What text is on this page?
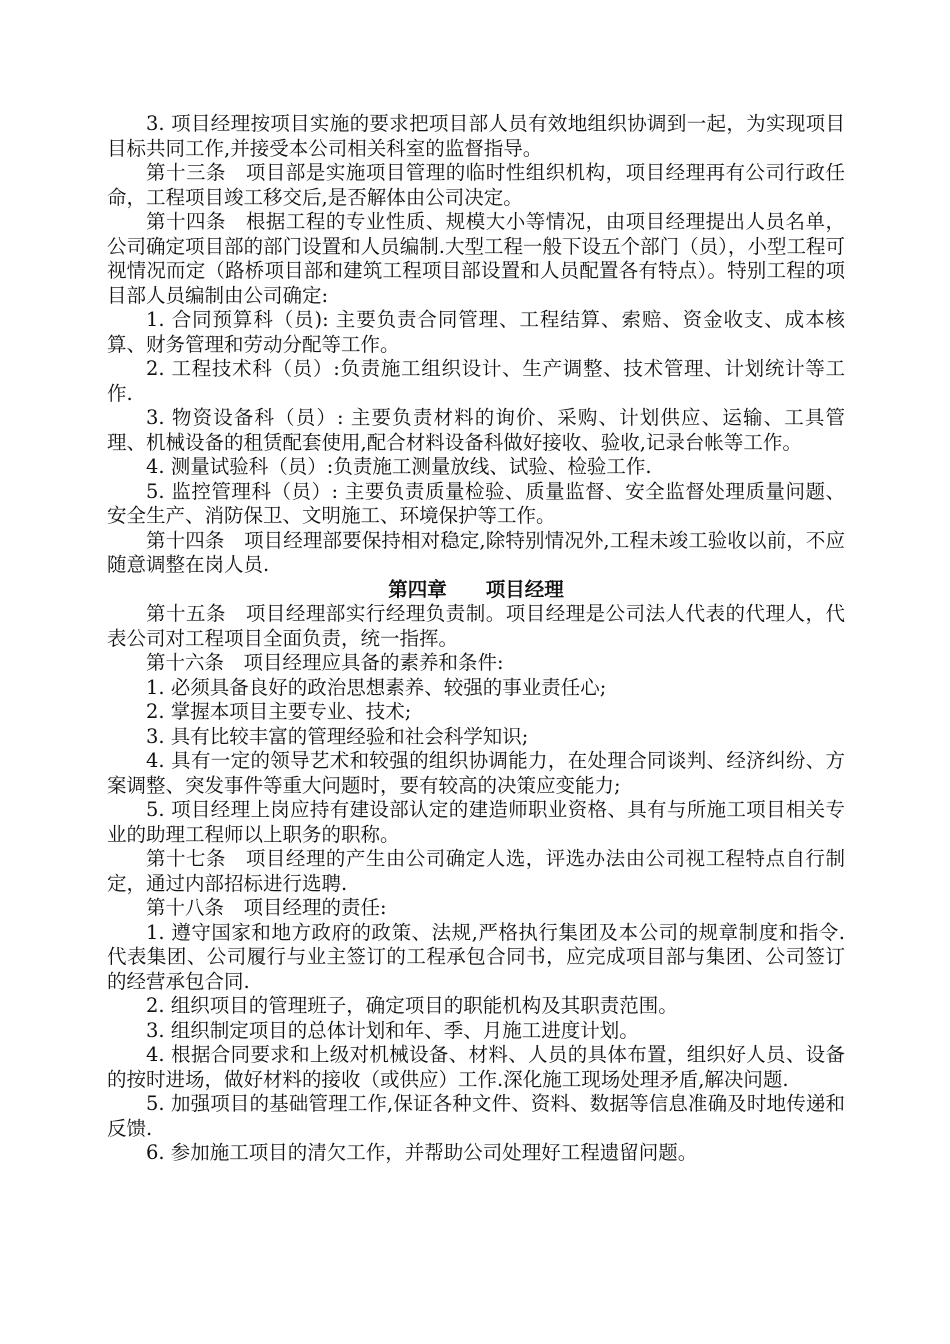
3. 项目经理按项目实施的要求把项目部人员有效地组织协调到一起，为实现项目目标共同工作,并接受本公司相关科室的监督指导。

第十三条　项目部是实施项目管理的临时性组织机构，项目经理再有公司行政任命，工程项目竣工移交后,是否解体由公司决定。

第十四条　根据工程的专业性质、规模大小等情况，由项目经理提出人员名单，公司确定项目部的部门设置和人员编制.大型工程一般下设五个部门（员），小型工程可视情况而定（路桥项目部和建筑工程项目部设置和人员配置各有特点）。特别工程的项目部人员编制由公司确定:

1. 合同预算科（员): 主要负责合同管理、工程结算、索赔、资金收支、成本核算、财务管理和劳动分配等工作。

2. 工程技术科（员）:负责施工组织设计、生产调整、技术管理、计划统计等工作.

3. 物资设备科（员）: 主要负责材料的询价、采购、计划供应、运输、工具管理、机械设备的租赁配套使用,配合材料设备科做好接收、验收,记录台帐等工作。

4. 测量试验科（员）:负责施工测量放线、试验、检验工作.

5. 监控管理科（员）: 主要负责质量检验、质量监督、安全监督处理质量问题、安全生产、消防保卫、文明施工、环境保护等工作。

第十四条　项目经理部要保持相对稳定,除特别情况外,工程未竣工验收以前，不应随意调整在岗人员.

第四章　　项目经理

第十五条　项目经理部实行经理负责制。项目经理是公司法人代表的代理人，代表公司对工程项目全面负责，统一指挥。

第十六条　项目经理应具备的素养和条件:

1. 必须具备良好的政治思想素养、较强的事业责任心;

2. 掌握本项目主要专业、技术;

3. 具有比较丰富的管理经验和社会科学知识;

4. 具有一定的领导艺术和较强的组织协调能力，在处理合同谈判、经济纠纷、方案调整、突发事件等重大问题时，要有较高的决策应变能力;

5. 项目经理上岗应持有建设部认定的建造师职业资格、具有与所施工项目相关专业的助理工程师以上职务的职称。

第十七条　项目经理的产生由公司确定人选，评选办法由公司视工程特点自行制定，通过内部招标进行选聘.

第十八条　项目经理的责任:

1. 遵守国家和地方政府的政策、法规,严格执行集团及本公司的规章制度和指令.代表集团、公司履行与业主签订的工程承包合同书，应完成项目部与集团、公司签订的经营承包合同.

2. 组织项目的管理班子，确定项目的职能机构及其职责范围。

3. 组织制定项目的总体计划和年、季、月施工进度计划。

4. 根据合同要求和上级对机械设备、材料、人员的具体布置，组织好人员、设备的按时进场，做好材料的接收（或供应）工作.深化施工现场处理矛盾,解决问题.

5. 加强项目的基础管理工作,保证各种文件、资料、数据等信息准确及时地传递和反馈.

6. 参加施工项目的清欠工作，并帮助公司处理好工程遗留问题。
